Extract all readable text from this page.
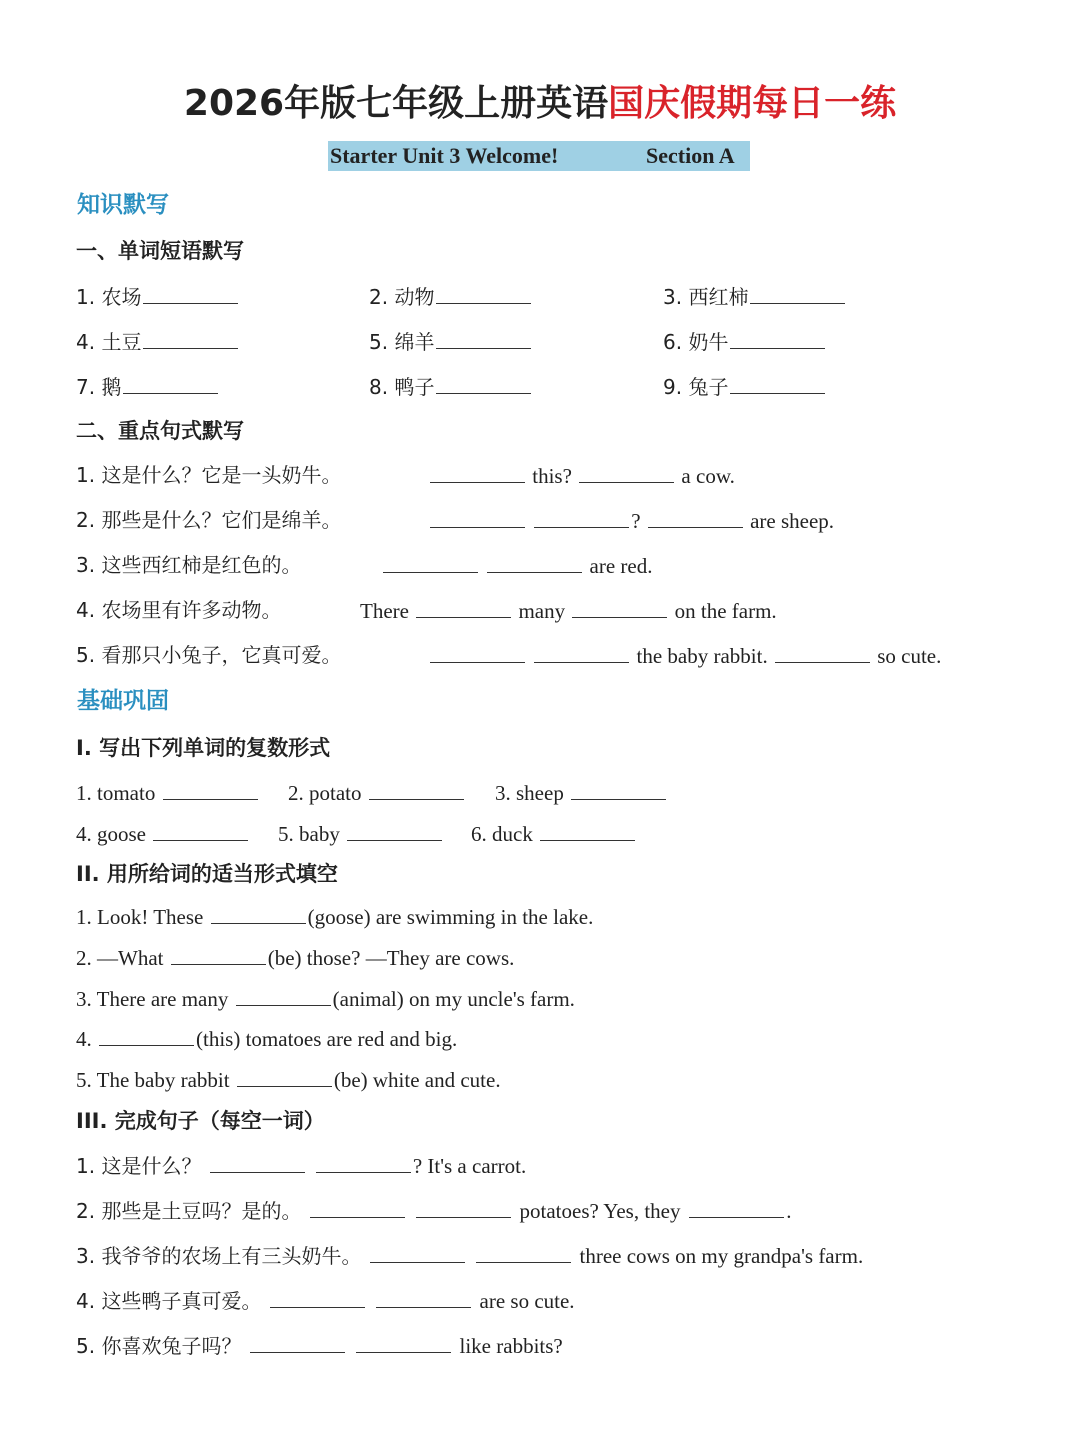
2026年版七年级上册英语国庆假期每日一练
Starter Unit 3 Welcome!	Section A
知识默写
一、单词短语默写
1. 农场	2. 动物	3. 西红柿
4. 土豆	5. 绵羊	6. 奶牛
7. 鹅	8. 鸭子	9. 兔子
二、重点句式默写
1. 这是什么？它是一头奶牛。	this?	a cow.
2. 那些是什么？它们是绵羊。	?	are sheep.
3. 这些西红柿是红色的。	are red.
4. 农场里有许多动物。	There	many	on the farm.
5. 看那只小兔子，它真可爱。	the baby rabbit.	so cute.
基础巩固
I. 写出下列单词的复数形式
1. tomato	2. potato	3. sheep
4. goose	5. baby	6. duck
II. 用所给词的适当形式填空
1. Look! These	(goose) are swimming in the lake.
2. —What	(be) those? —They are cows.
3. There are many	(animal) on my uncle's farm.
4.	(this) tomatoes are red and big.
5. The baby rabbit	(be) white and cute.
III. 完成句子（每空一词）
1. 这是什么？	? It's a carrot.
2. 那些是土豆吗？是的。	potatoes? Yes, they	.
3. 我爷爷的农场上有三头奶牛。	three cows on my grandpa's farm.
4. 这些鸭子真可爱。	are so cute.
5. 你喜欢兔子吗？	like rabbits?
